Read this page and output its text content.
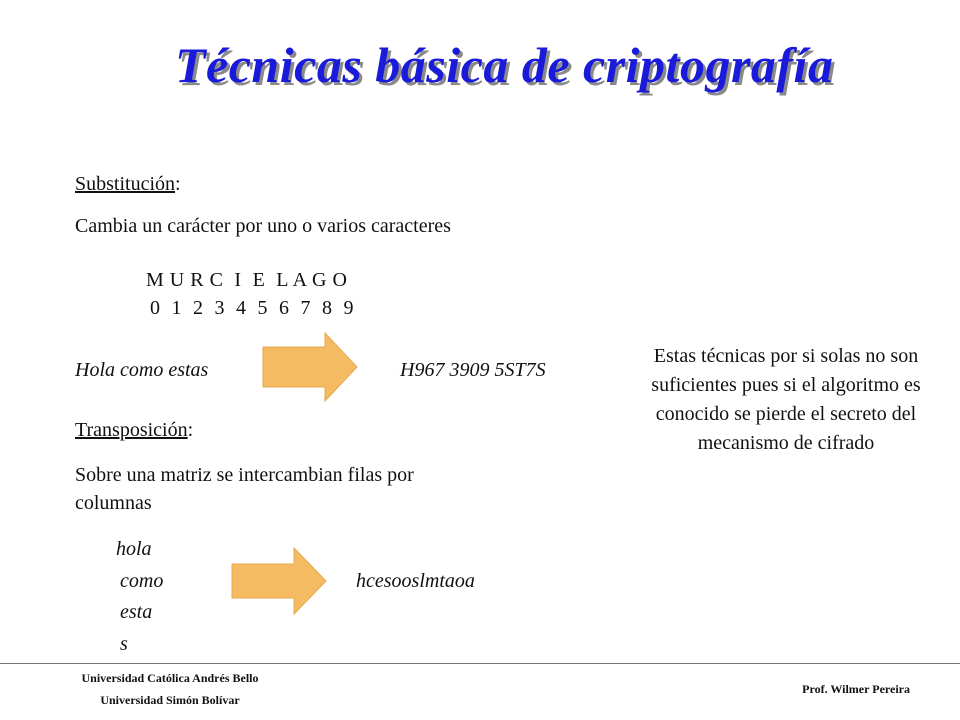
Técnicas básica de criptografía
Substitución:
Cambia un carácter por uno o varios caracteres
M U R C  I  E  L A G O
0  1  2  3  4  5  6  7  8  9
Hola como estas	H967 3909 5ST7S
Transposición:
Sobre una matriz se intercambian filas por
columnas
hola
como
esta
s
hcesooslmtaoa
Estas técnicas por si solas no son suficientes pues si el algoritmo es conocido se pierde el secreto del mecanismo de cifrado
Universidad Católica Andrés Bello
Universidad Simón Bolívar
Prof. Wilmer Pereira
